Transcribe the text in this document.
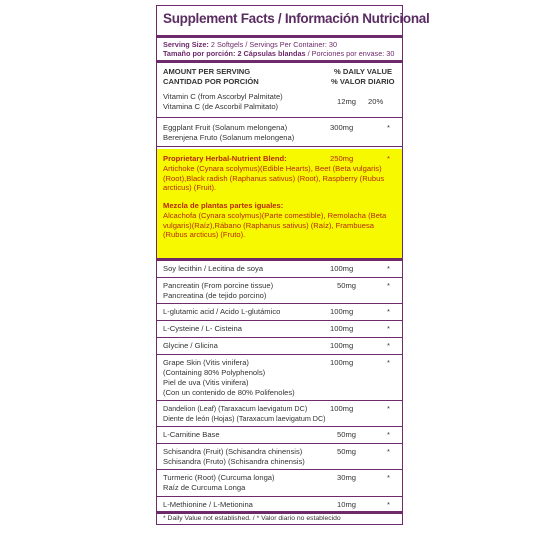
Supplement Facts / Información Nutricional
Serving Size: 2 Softgels / Servings Per Container: 30
Tamaño por porción: 2 Cápsulas blandas / Porciones por envase: 30
AMOUNT PER SERVING
CANTIDAD POR PORCIÓN
% DAILY VALUE
% VALOR DIARIO
Vitamin C (from Ascorbyl Palmitate)
Vitamina C (de Ascorbil Palmitato)
12mg 20%
Eggplant Fruit (Solanum melongena)
Berenjena Fruto (Solanum melongena)
300mg	*
Proprietary Herbal-Nutrient Blend:	250mg	*
Artichoke (Cynara scolymus)(Edible Hearts), Beet (Beta vulgaris)(Root),Black radish (Raphanus sativus) (Root), Raspberry (Rubus arcticus) (Fruit).
Mezcla de plantas partes iguales:
Alcachofa (Cynara scolymus)(Parte comestible), Remolacha (Beta vulgaris)(Raíz),Rábano (Raphanus sativus) (Raíz), Frambuesa (Rubus arcticus) (Fruto).
Soy lecithin / Lecitina de soya	100mg	*
Pancreatin (From porcine tissue)
Pancreatina (de tejido porcino)
50mg	*
L-glutamic acid / Acido L-glutámico	100mg	*
L-Cysteine / L- Cisteina	100mg	*
Glycine / Glicina	100mg	*
Grape Skin (Vitis vinifera)
(Containing 80% Polyphenols)
Piel de uva (Vitis vinifera)
(Con un contenido de 80% Polifenoles)
100mg	*
Dandelion (Leaf) (Taraxacum laevigatum DC)
Diente de león (Hojas) (Taraxacum laevigatum DC)
100mg	*
L-Carnitine Base	50mg	*
Schisandra (Fruit) (Schisandra chinensis)
Schisandra (Fruto) (Schisandra chinensis)
50mg	*
Turmeric (Root) (Curcuma longa)
Raíz de Curcuma Longa
30mg	*
L-Methionine / L-Metionina	10mg	*
* Daily Value not established. / * Valor diario no establecido
